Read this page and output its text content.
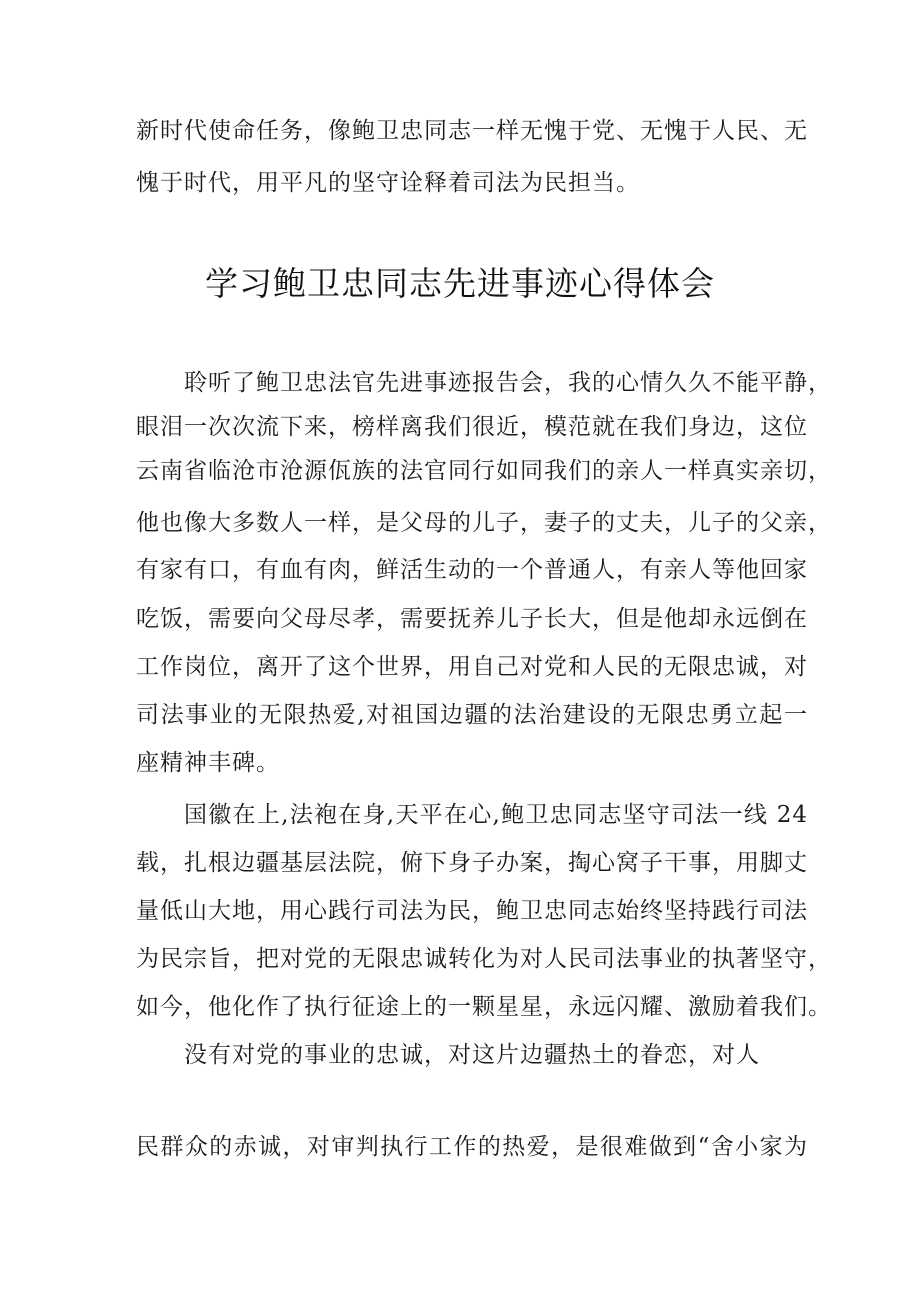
新时代使命任务，像鲍卫忠同志一样无愧于党、无愧于人民、无
愧于时代，用平凡的坚守诠释着司法为民担当。
学习鲍卫忠同志先进事迹心得体会
聆听了鲍卫忠法官先进事迹报告会，我的心情久久不能平静，
眼泪一次次流下来，榜样离我们很近，模范就在我们身边，这位
云南省临沧市沧源佤族的法官同行如同我们的亲人一样真实亲切，
他也像大多数人一样，是父母的儿子，妻子的丈夫，儿子的父亲，
有家有口，有血有肉，鲜活生动的一个普通人，有亲人等他回家
吃饭，需要向父母尽孝，需要抚养儿子长大，但是他却永远倒在
工作岗位，离开了这个世界，用自己对党和人民的无限忠诚，对
司法事业的无限热爱,对祖国边疆的法治建设的无限忠勇立起一
座精神丰碑。
国徽在上,法袍在身,天平在心,鲍卫忠同志坚守司法一线 24
载，扎根边疆基层法院，俯下身子办案，掏心窝子干事，用脚丈
量低山大地，用心践行司法为民，鲍卫忠同志始终坚持践行司法
为民宗旨，把对党的无限忠诚转化为对人民司法事业的执著坚守，
如今，他化作了执行征途上的一颗星星，永远闪耀、激励着我们。
没有对党的事业的忠诚，对这片边疆热土的眷恋，对人
民群众的赤诚，对审判执行工作的热爱，是很难做到“舍小家为
